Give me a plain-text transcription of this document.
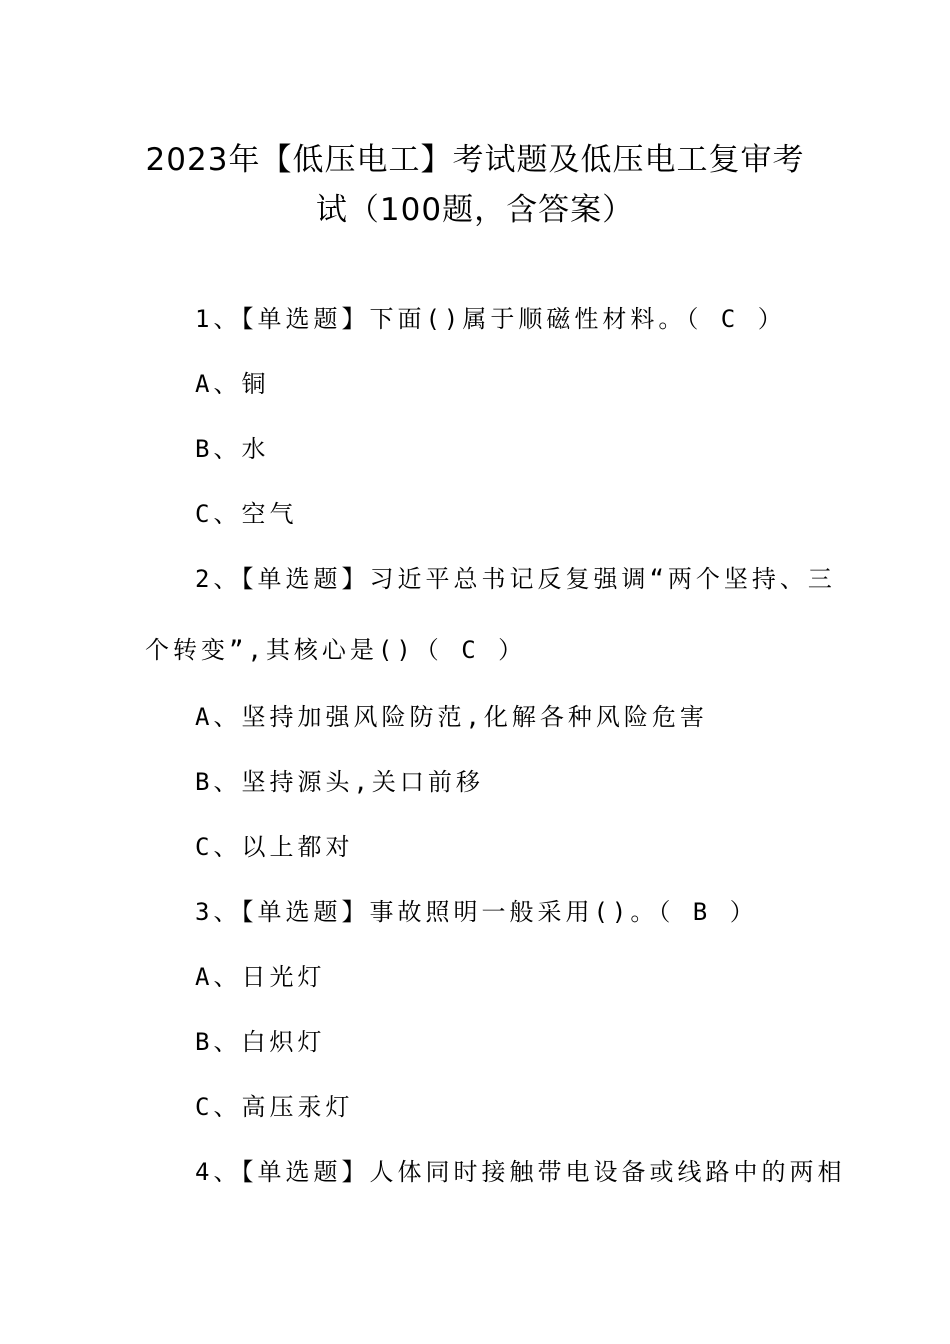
2023年【低压电工】考试题及低压电工复审考
试（100题，含答案）
1、【单选题】下面()属于顺磁性材料。（ C ）
A、铜
B、水
C、空气
2、【单选题】习近平总书记反复强调“两个坚持、三
个转变”,其核心是()（ C ）
A、坚持加强风险防范,化解各种风险危害
B、坚持源头,关口前移
C、以上都对
3、【单选题】事故照明一般采用()。（ B ）
A、日光灯
B、白炽灯
C、高压汞灯
4、【单选题】人体同时接触带电设备或线路中的两相
